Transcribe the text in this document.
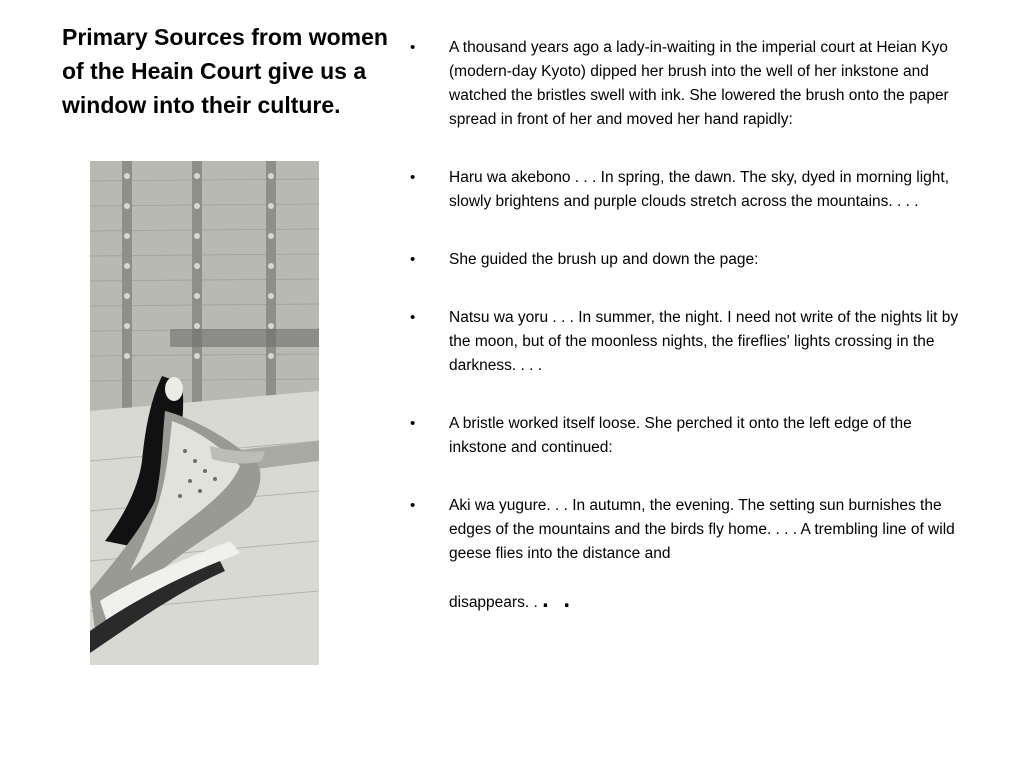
Primary Sources from women of the Heain Court give us a window into their culture.
• A thousand years ago a lady-in-waiting in the imperial court at Heian Kyo (modern-day Kyoto) dipped her brush into the well of her inkstone and watched the bristles swell with ink. She lowered the brush onto the paper spread in front of her and moved her hand rapidly:
• Haru wa akebono . . . In spring, the dawn. The sky, dyed in morning light, slowly brightens and purple clouds stretch across the mountains. . . .
• She guided the brush up and down the page:
• Natsu wa yoru . . . In summer, the night. I need not write of the nights lit by the moon, but of the moonless nights, the fireflies' lights crossing in the darkness. . . .
• A bristle worked itself loose. She perched it onto the left edge of the inkstone and continued:
• Aki wa yugure. . . In autumn, the evening. The setting sun burnishes the edges of the mountains and the birds fly home. . . . A trembling line of wild geese flies into the distance and
disappears. . . .
